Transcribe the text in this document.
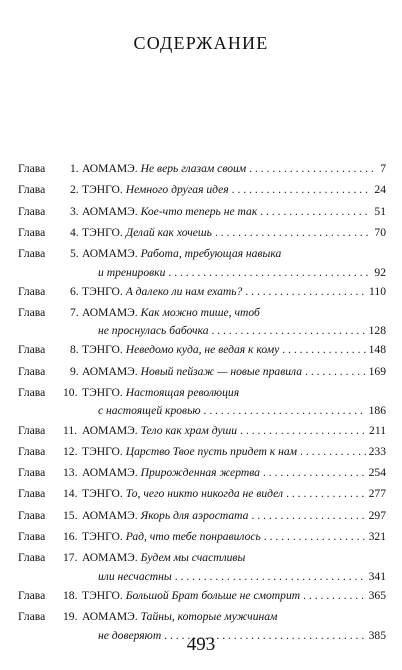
СОДЕРЖАНИЕ
Глава 1. АОМАМЭ.
Не верь глазам своим . . .	7
Глава 2. ТЭНГО.
Немного другая идея . . .	24
Глава 3. АОМАМЭ.
Кое-что теперь не так . . .	51
Глава 4. ТЭНГО.
Делай как хочешь . . .	70
Глава 5. АОМАМЭ.
Работа, требующая навыка
и тренировки . . .	92
Глава 6. ТЭНГО.
А далеко ли нам ехать? . . .	110
Глава 7. АОМАМЭ.
Как можно тише, чтоб
не проснулась бабочка . . .	128
Глава 8. ТЭНГО.
Неведомо куда, не ведая к кому . . .	148
Глава 9. АОМАМЭ.
Новый пейзаж — новые правила . . .	169
Глава 10. ТЭНГО.
Настоящая революция
с настоящей кровью . . .	186
Глава 11. АОМАМЭ.
Тело как храм души . . .	211
Глава 12. ТЭНГО.
Царство Твое пусть придет к нам . . .	233
Глава 13. АОМАМЭ.
Прирожденная жертва . . .	254
Глава 14. ТЭНГО.
То, чего никто никогда не видел . . .	277
Глава 15. АОМАМЭ.
Якорь для аэростата . . .	297
Глава 16. ТЭНГО.
Рад, что тебе понравилось . . .	321
Глава 17. АОМАМЭ.
Будем мы счастливы
или несчастны . . .	341
Глава 18. ТЭНГО.
Большой Брат больше не смотрит . . .	365
Глава 19. АОМАМЭ.
Тайны, которые мужчинам
не доверяют . . .	385
493
